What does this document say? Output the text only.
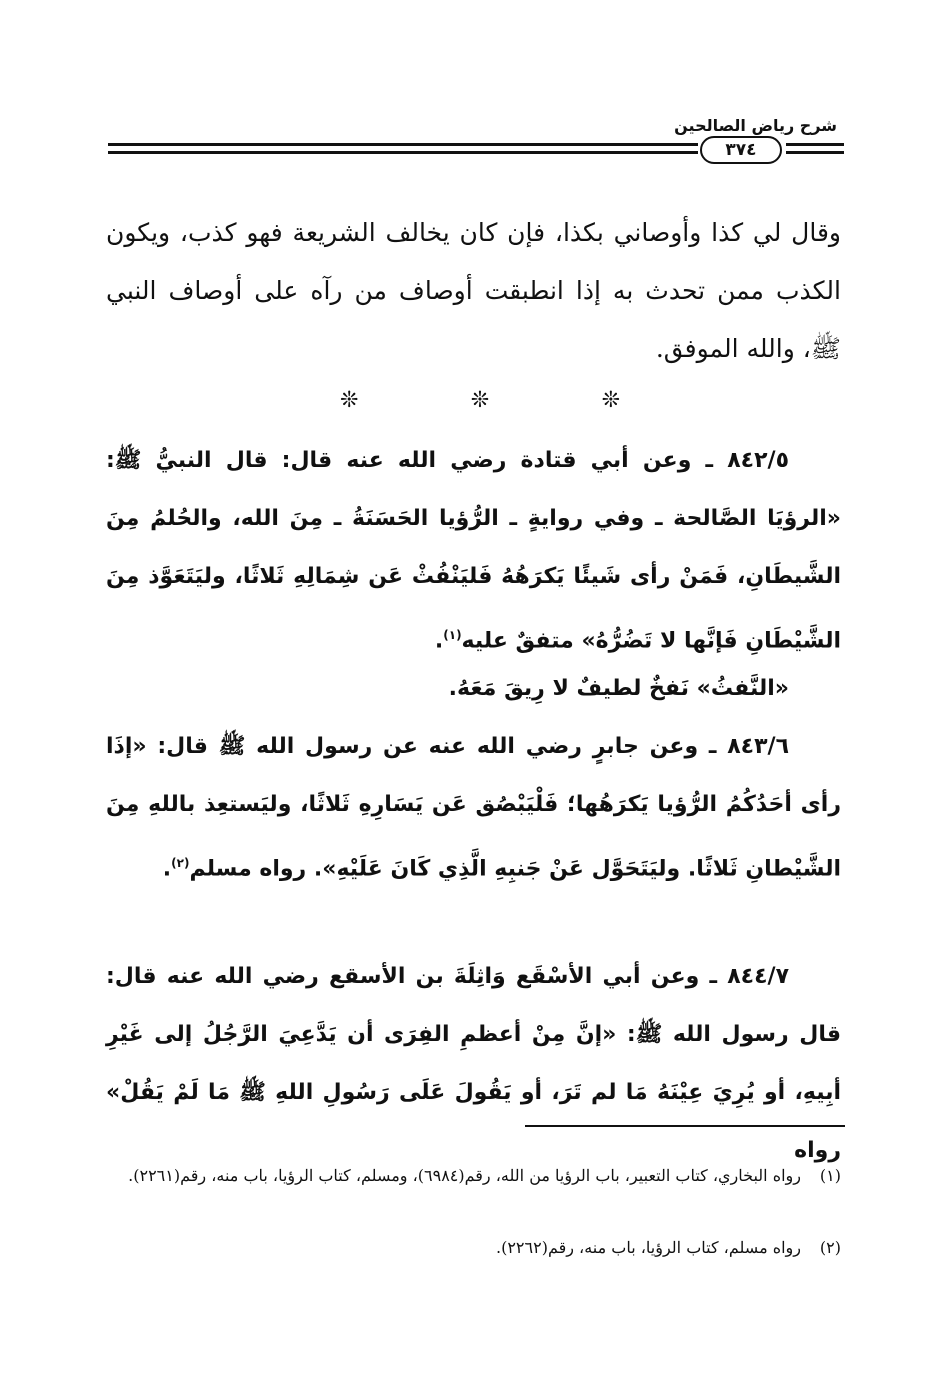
شرح رياض الصالحين
٣٧٤
وقال لي كذا وأوصاني بكذا، فإن كان يخالف الشريعة فهو كذب، ويكون الكذب ممن تحدث به إذا انطبقت أوصاف من رآه على أوصاف النبي ﷺ، والله الموفق.
❊	❊	❊
٨٤٢/٥ ـ وعن أبي قتادة رضي الله عنه قال: قال النبيُّ ﷺ: «الرؤيَا الصَّالحة ـ وفي روايةٍ ـ الرُّؤيا الحَسَنَةُ ـ مِنَ الله، والحُلمُ مِنَ الشَّيطَانِ، فَمَنْ رأى شَيئًا يَكرَهُهُ فَليَنْفُثْ عَن شِمَالِهِ ثَلاثًا، وليَتَعَوَّذ مِنَ الشَّيْطَانِ فَإنَّها لا تَضُرُّهُ» متفقٌ عليه$^{(١)}$.
«النَّفثُ» نَفخٌ لطيفٌ لا رِيقَ مَعَهُ.
٨٤٣/٦ ـ وعن جابرٍ رضي الله عنه عن رسول الله ﷺ قال: «إذَا رأى أحَدُكُمُ الرُّؤيا يَكرَهُها؛ فَلْيَبْصُق عَن يَسَارِهِ ثَلاثًا، وليَستعِذ باللهِ مِنَ الشَّيْطانِ ثَلاثًا. وليَتَحَوَّل عَنْ جَنبِهِ الَّذِي كَانَ عَلَيْهِ». رواه مسلم$^{(٢)}$.
٨٤٤/٧ ـ وعن أبي الأسْقَع وَاثِلَةَ بن الأسقع رضي الله عنه قال: قال رسول الله ﷺ: «إنَّ مِنْ أعظمِ الفِرَى أن يَدَّعِيَ الرَّجُلُ إلى غَيْرِ أبِيهِ، أو يُرِيَ عِيْنَهُ مَا لم تَرَ، أو يَقُولَ عَلَى رَسُولِ اللهِ ﷺ مَا لَمْ يَقُلْ» رواه
(١)رواه البخاري، كتاب التعبير، باب الرؤيا من الله، رقم(٦٩٨٤)، ومسلم، كتاب الرؤيا، باب منه، رقم(٢٢٦١).
(٢)رواه مسلم، كتاب الرؤيا، باب منه، رقم(٢٢٦٢).
